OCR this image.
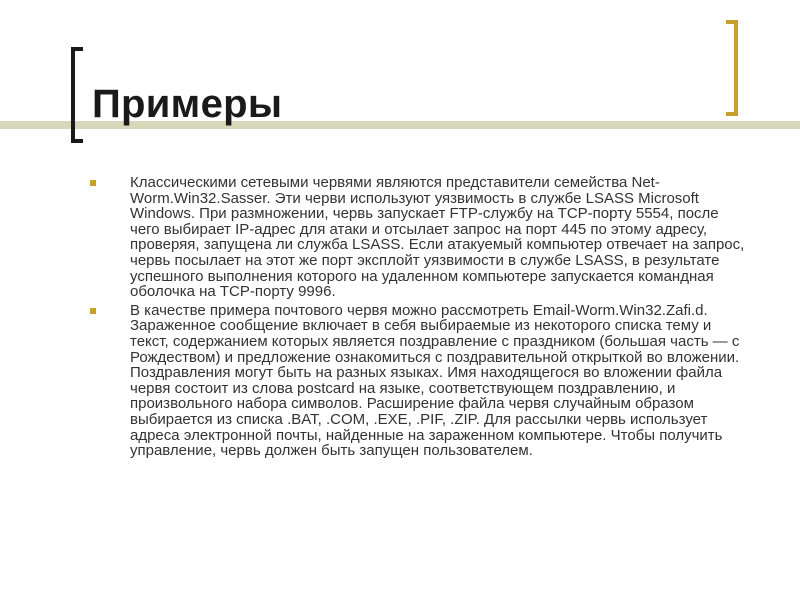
Примеры
Классическими сетевыми червями являются представители семейства Net-Worm.Win32.Sasser. Эти черви используют уязвимость в службе LSASS Microsoft Windows. При размножении, червь запускает FTP-службу на TCP-порту 5554, после чего выбирает IP-адрес для атаки и отсылает запрос на порт 445 по этому адресу, проверяя, запущена ли служба LSASS. Если атакуемый компьютер отвечает на запрос, червь посылает на этот же порт эксплойт уязвимости в службе LSASS, в результате успешного выполнения которого на удаленном компьютере запускается командная оболочка на TCP-порту 9996.
В качестве примера почтового червя можно рассмотреть Email-Worm.Win32.Zafi.d. Зараженное сообщение включает в себя выбираемые из некоторого списка тему и текст, содержанием которых является поздравление с праздником (большая часть — с Рождеством) и предложение ознакомиться с поздравительной открыткой во вложении. Поздравления могут быть на разных языках. Имя находящегося во вложении файла червя состоит из слова postcard на языке, соответствующем поздравлению, и произвольного набора символов. Расширение файла червя случайным образом выбирается из списка .BAT, .COM, .EXE, .PIF, .ZIP. Для рассылки червь использует адреса электронной почты, найденные на зараженном компьютере. Чтобы получить управление, червь должен быть запущен пользователем.
